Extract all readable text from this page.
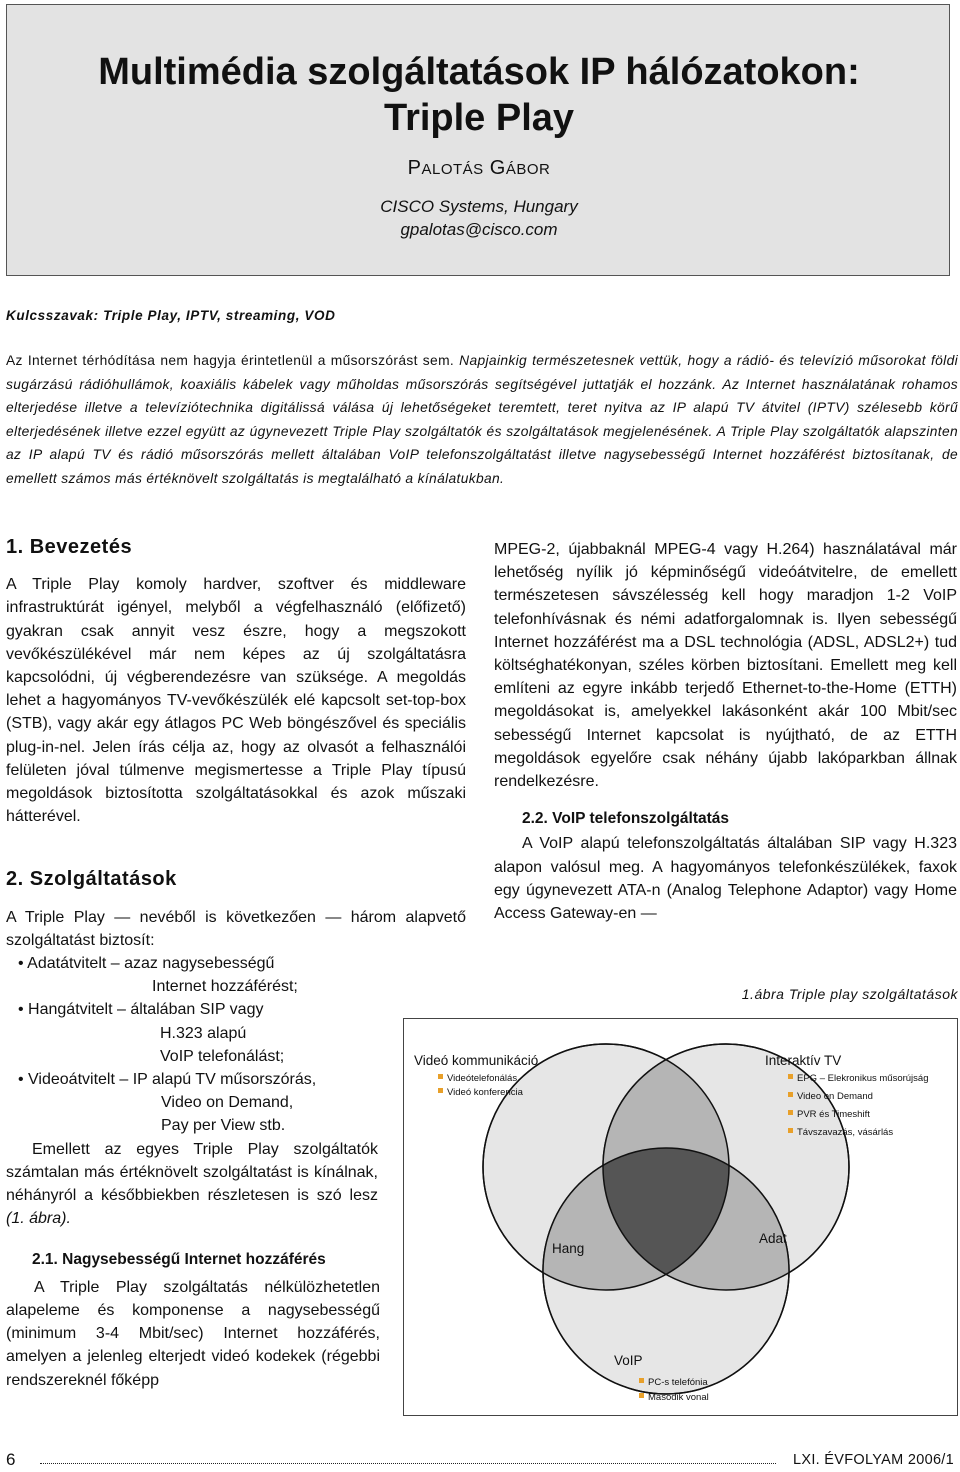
Multimédia szolgáltatások IP hálózatokon:
Triple Play
PALOTÁS GÁBOR
CISCO Systems, Hungary
gpalotas@cisco.com
Kulcsszavak: Triple Play, IPTV, streaming, VOD

Az Internet térhódítása nem hagyja érintetlenül a műsorszórást sem. Napjainkig természetesnek vettük, hogy a rádió- és televízió műsorokat földi sugárzású rádióhullámok, koaxiális kábelek vagy műholdas műsorszórás segítségével juttatják el hozzánk. Az Internet használatának rohamos elterjedése illetve a televíziótechnika digitálissá válása új lehetőségeket teremtett, teret nyitva az IP alapú TV átvitel (IPTV) szélesebb körű elterjedésének illetve ezzel együtt az úgynevezett Triple Play szolgáltatók és szolgáltatások megjelenésének. A Triple Play szolgáltatók alapszinten az IP alapú TV és rádió műsorszórás mellett általában VoIP telefonszolgáltatást illetve nagysebességű Internet hozzáférést biztosítanak, de emellett számos más értéknövelt szolgáltatás is megtalálható a kínálatukban.

1. Bevezetés

A Triple Play komoly hardver, szoftver és middleware infrastruktúrát igényel, melyből a végfelhasználó (előfizető) gyakran csak annyit vesz észre, hogy a megszokott vevőkészülékével már nem képes az új szolgáltatásra kapcsolódni, új végberendezésre van szüksége. A megoldás lehet a hagyományos TV-vevőkészülék elé kapcsolt set-top-box (STB), vagy akár egy átlagos PC Web böngészővel és speciális plug-in-nel. Jelen írás célja az, hogy az olvasót a felhasználói felületen jóval túlmenve megismertesse a Triple Play típusú megoldások biztosította szolgáltatásokkal és azok műszaki hátterével.

2. Szolgáltatások

A Triple Play — nevéből is következően — három alapvető szolgáltatást biztosít:

• Adatátvitelt – azaz nagysebességű
Internet hozzáférést;
• Hangátvitelt – általában SIP vagy
H.323 alapú
VoIP telefonálást;
• Videoátvitelt – IP alapú TV műsorszórás,
Video on Demand,
Pay per View stb.

Emellett az egyes Triple Play szolgáltatók számtalan más értéknövelt szolgáltatást is kínálnak, néhányról a későbbiekben részletesen is szó lesz (1. ábra).

2.1. Nagysebességű Internet hozzáférés

A Triple Play szolgáltatás nélkülözhetetlen alapeleme és komponense a nagysebességű (minimum 3-4 Mbit/sec) Internet hozzáférés, amelyen a jelenleg elterjedt videó kodekek (régebbi rendszereknél főképp

MPEG-2, újabbaknál MPEG-4 vagy H.264) használatával már lehetőség nyílik jó képminőségű videóátvitelre, de emellett természetesen sávszélesség kell hogy maradjon 1-2 VoIP telefonhívásnak és némi adatforgalomnak is. Ilyen sebességű Internet hozzáférést ma a DSL technológia (ADSL, ADSL2+) tud költséghatékonyan, széles körben biztosítani. Emellett meg kell említeni az egyre inkább terjedő Ethernet-to-the-Home (ETTH) megoldásokat is, amelyekkel lakásonként akár 100 Mbit/sec sebességű Internet kapcsolat is nyújtható, de az ETTH megoldások egyelőre csak néhány újabb lakóparkban állnak rendelkezésre.

2.2. VoIP telefonszolgáltatás

A VoIP alapú telefonszolgáltatás általában SIP vagy H.323 alapon valósul meg. A hagyományos telefonkészülékek, faxok egy úgynevezett ATA-n (Analog Telephone Adaptor) vagy Home Access Gateway-en —

1.ábra Triple play szolgáltatások
Videó kommunikáció
Videótelefonálás
Videó konferencia
Interaktív TV
EPG – Elekronikus műsorújság
Video on Demand
PVR és Timeshift
Távszavazás, vásárlás
Hang
Adat
VoIP
PC-s telefónia
Második vonal
6	LXI. ÉVFOLYAM 2006/1
